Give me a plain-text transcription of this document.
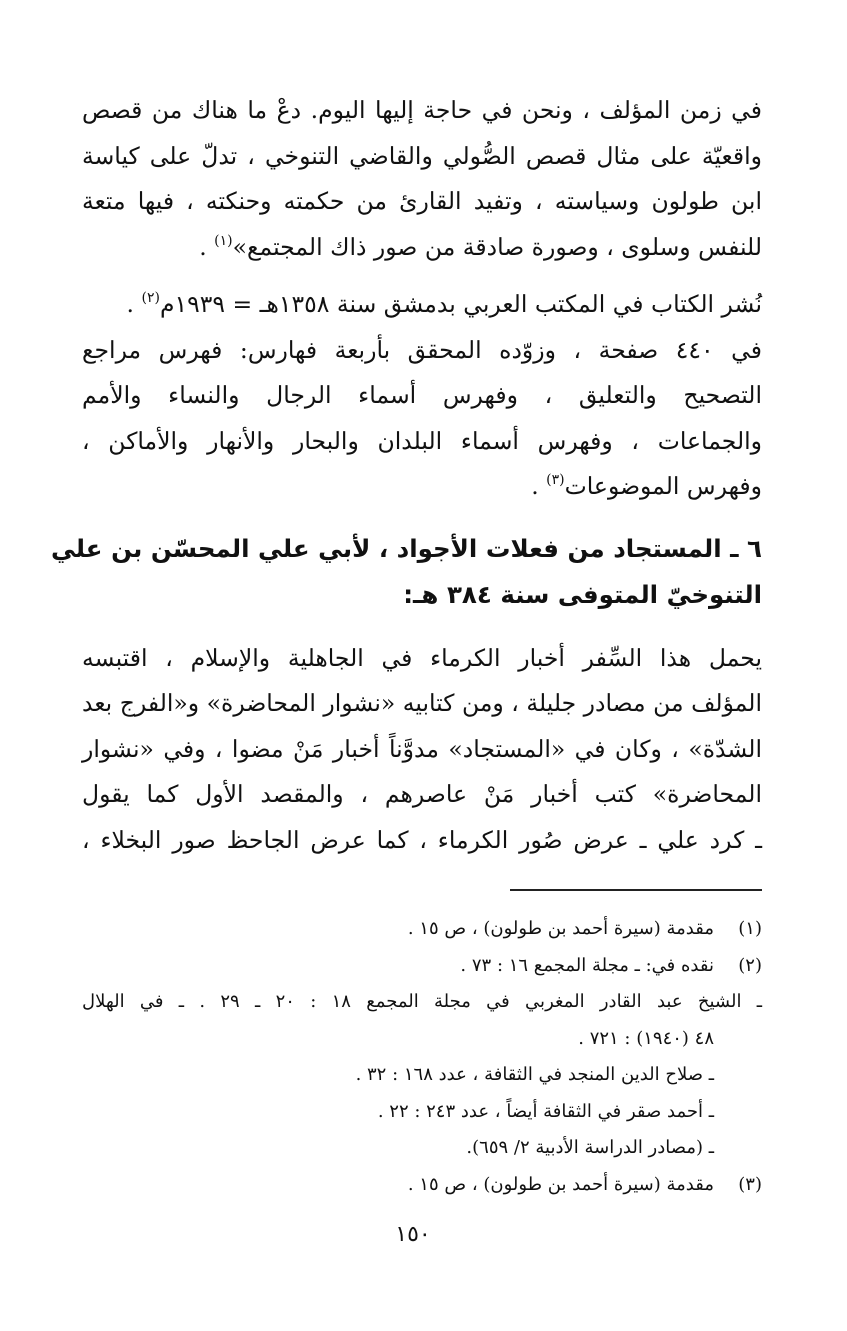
في زمن المؤلف ، ونحن في حاجة إليها اليوم. دعْ ما هناك من قصص
واقعيّة على مثال قصص الصُّولي والقاضي التنوخي ، تدلّ على كياسة
ابن طولون وسياسته ، وتفيد القارئ من حكمته وحنكته ، فيها متعة
للنفس وسلوى ، وصورة صادقة من صور ذاك المجتمع»$^{(١)}$ .

نُشر الكتاب في المكتب العربي بدمشق سنة ١٣٥٨هـ = ١٩٣٩م$^{(٢)}$ .
في ٤٤٠ صفحة ، وزوّده المحقق بأربعة فهارس: فهرس مراجع
التصحيح والتعليق ، وفهرس أسماء الرجال والنساء والأمم
والجماعات ، وفهرس أسماء البلدان والبحار والأنهار والأماكن ،
وفهرس الموضوعات$^{(٣)}$ .

٦ ـ المستجاد من فعلات الأجواد ، لأبي علي المحسّن بن علي
التنوخيّ المتوفى سنة ٣٨٤ هـ:

يحمل هذا السِّفر أخبار الكرماء في الجاهلية والإسلام ، اقتبسه
المؤلف من مصادر جليلة ، ومن كتابيه «نشوار المحاضرة» و«الفرج بعد
الشدّة» ، وكان في «المستجاد» مدوَّناً أخبار مَنْ مضوا ، وفي «نشوار
المحاضرة» كتب أخبار مَنْ عاصرهم ، والمقصد الأول كما يقول
ـ كرد علي ـ عرض صُور الكرماء ، كما عرض الجاحظ صور البخلاء ،

(١)مقدمة (سيرة أحمد بن طولون) ، ص ١٥ .
(٢)نقده في: ـ مجلة المجمع ١٦ : ٧٣ .
ـ الشيخ عبد القادر المغربي في مجلة المجمع ١٨ : ٢٠ ـ ٢٩ . ـ في الهلال
٤٨ (١٩٤٠) : ٧٢١ .
ـ صلاح الدين المنجد في الثقافة ، عدد ١٦٨ : ٣٢ .
ـ أحمد صقر في الثقافة أيضاً ، عدد ٢٤٣ : ٢٢ .
ـ (مصادر الدراسة الأدبية ٢/ ٦٥٩).
(٣)مقدمة (سيرة أحمد بن طولون) ، ص ١٥ .
١٥٠
